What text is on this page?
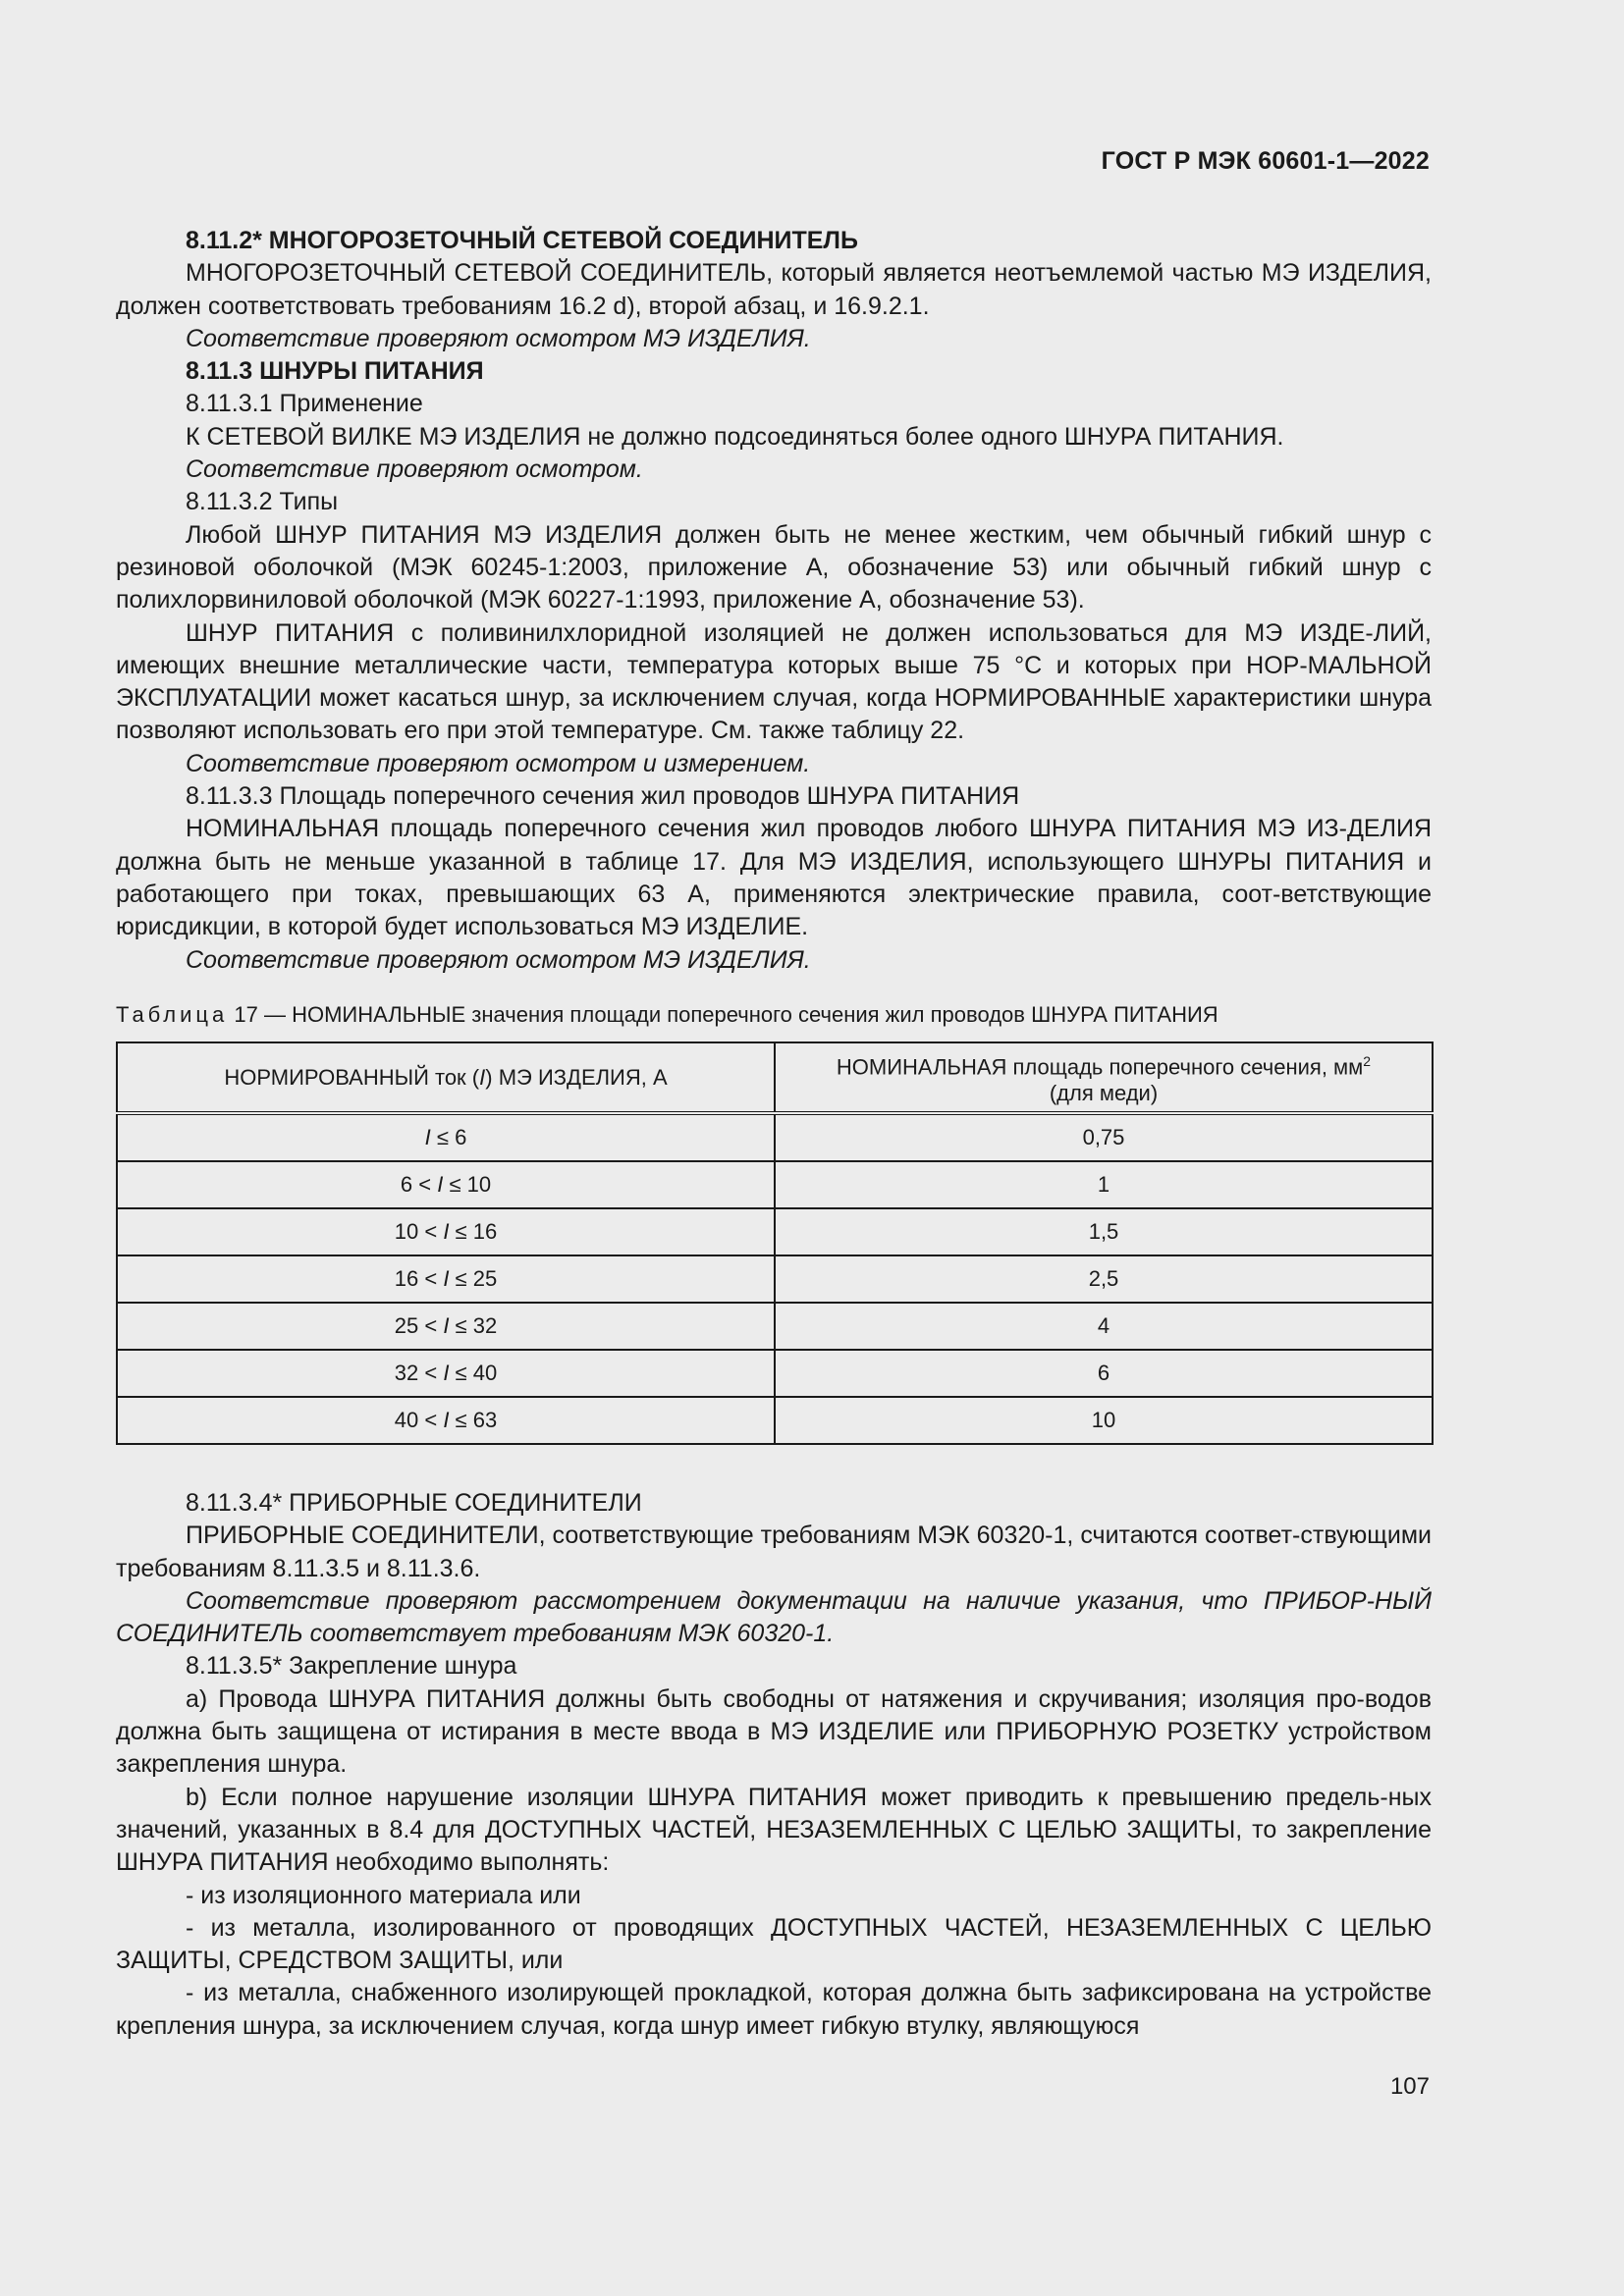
ГОСТ Р МЭК 60601-1—2022

8.11.2* МНОГОРОЗЕТОЧНЫЙ СЕТЕВОЙ СОЕДИНИТЕЛЬ

МНОГОРОЗЕТОЧНЫЙ СЕТЕВОЙ СОЕДИНИТЕЛЬ, который является неотъемлемой частью МЭ ИЗДЕЛИЯ, должен соответствовать требованиям 16.2 d), второй абзац, и 16.9.2.1.

Соответствие проверяют осмотром МЭ ИЗДЕЛИЯ.

8.11.3 ШНУРЫ ПИТАНИЯ

8.11.3.1 Применение

К СЕТЕВОЙ ВИЛКЕ МЭ ИЗДЕЛИЯ не должно подсоединяться более одного ШНУРА ПИТАНИЯ.

Соответствие проверяют осмотром.

8.11.3.2 Типы

Любой ШНУР ПИТАНИЯ МЭ ИЗДЕЛИЯ должен быть не менее жестким, чем обычный гибкий шнур с резиновой оболочкой (МЭК 60245-1:2003, приложение А, обозначение 53) или обычный гибкий шнур с полихлорвиниловой оболочкой (МЭК 60227-1:1993, приложение А, обозначение 53).

ШНУР ПИТАНИЯ с поливинилхлоридной изоляцией не должен использоваться для МЭ ИЗДЕ-ЛИЙ, имеющих внешние металлические части, температура которых выше 75 °С и которых при НОР-МАЛЬНОЙ ЭКСПЛУАТАЦИИ может касаться шнур, за исключением случая, когда НОРМИРОВАННЫЕ характеристики шнура позволяют использовать его при этой температуре. См. также таблицу 22.

Соответствие проверяют осмотром и измерением.

8.11.3.3 Площадь поперечного сечения жил проводов ШНУРА ПИТАНИЯ

НОМИНАЛЬНАЯ площадь поперечного сечения жил проводов любого ШНУРА ПИТАНИЯ МЭ ИЗ-ДЕЛИЯ должна быть не меньше указанной в таблице 17. Для МЭ ИЗДЕЛИЯ, использующего ШНУРЫ ПИТАНИЯ и работающего при токах, превышающих 63 А, применяются электрические правила, соот-ветствующие юрисдикции, в которой будет использоваться МЭ ИЗДЕЛИЕ.

Соответствие проверяют осмотром МЭ ИЗДЕЛИЯ.

Таблица 17 — НОМИНАЛЬНЫЕ значения площади поперечного сечения жил проводов ШНУРА ПИТАНИЯ
НОРМИРОВАННЫЙ ток (I) МЭ ИЗДЕЛИЯ, А	НОМИНАЛЬНАЯ площадь поперечного сечения, $мм^2$
(для меди)
I ≤ 6	0,75
6 < I ≤ 10	1
10 < I ≤ 16	1,5
16 < I ≤ 25	2,5
25 < I ≤ 32	4
32 < I ≤ 40	6
40 < I ≤ 63	10

8.11.3.4* ПРИБОРНЫЕ СОЕДИНИТЕЛИ

ПРИБОРНЫЕ СОЕДИНИТЕЛИ, соответствующие требованиям МЭК 60320-1, считаются соответ-ствующими требованиям 8.11.3.5 и 8.11.3.6.

Соответствие проверяют рассмотрением документации на наличие указания, что ПРИБОР-НЫЙ СОЕДИНИТЕЛЬ соответствует требованиям МЭК 60320-1.

8.11.3.5* Закрепление шнура

a) Провода ШНУРА ПИТАНИЯ должны быть свободны от натяжения и скручивания; изоляция про-водов должна быть защищена от истирания в месте ввода в МЭ ИЗДЕЛИЕ или ПРИБОРНУЮ РОЗЕТКУ устройством закрепления шнура.

b) Если полное нарушение изоляции ШНУРА ПИТАНИЯ может приводить к превышению предель-ных значений, указанных в 8.4 для ДОСТУПНЫХ ЧАСТЕЙ, НЕЗАЗЕМЛЕННЫХ С ЦЕЛЬЮ ЗАЩИТЫ, то закрепление ШНУРА ПИТАНИЯ необходимо выполнять:

- из изоляционного материала или

- из металла, изолированного от проводящих ДОСТУПНЫХ ЧАСТЕЙ, НЕЗАЗЕМЛЕННЫХ С ЦЕЛЬЮ ЗАЩИТЫ, СРЕДСТВОМ ЗАЩИТЫ, или

- из металла, снабженного изолирующей прокладкой, которая должна быть зафиксирована на устройстве крепления шнура, за исключением случая, когда шнур имеет гибкую втулку, являющуюся

107
